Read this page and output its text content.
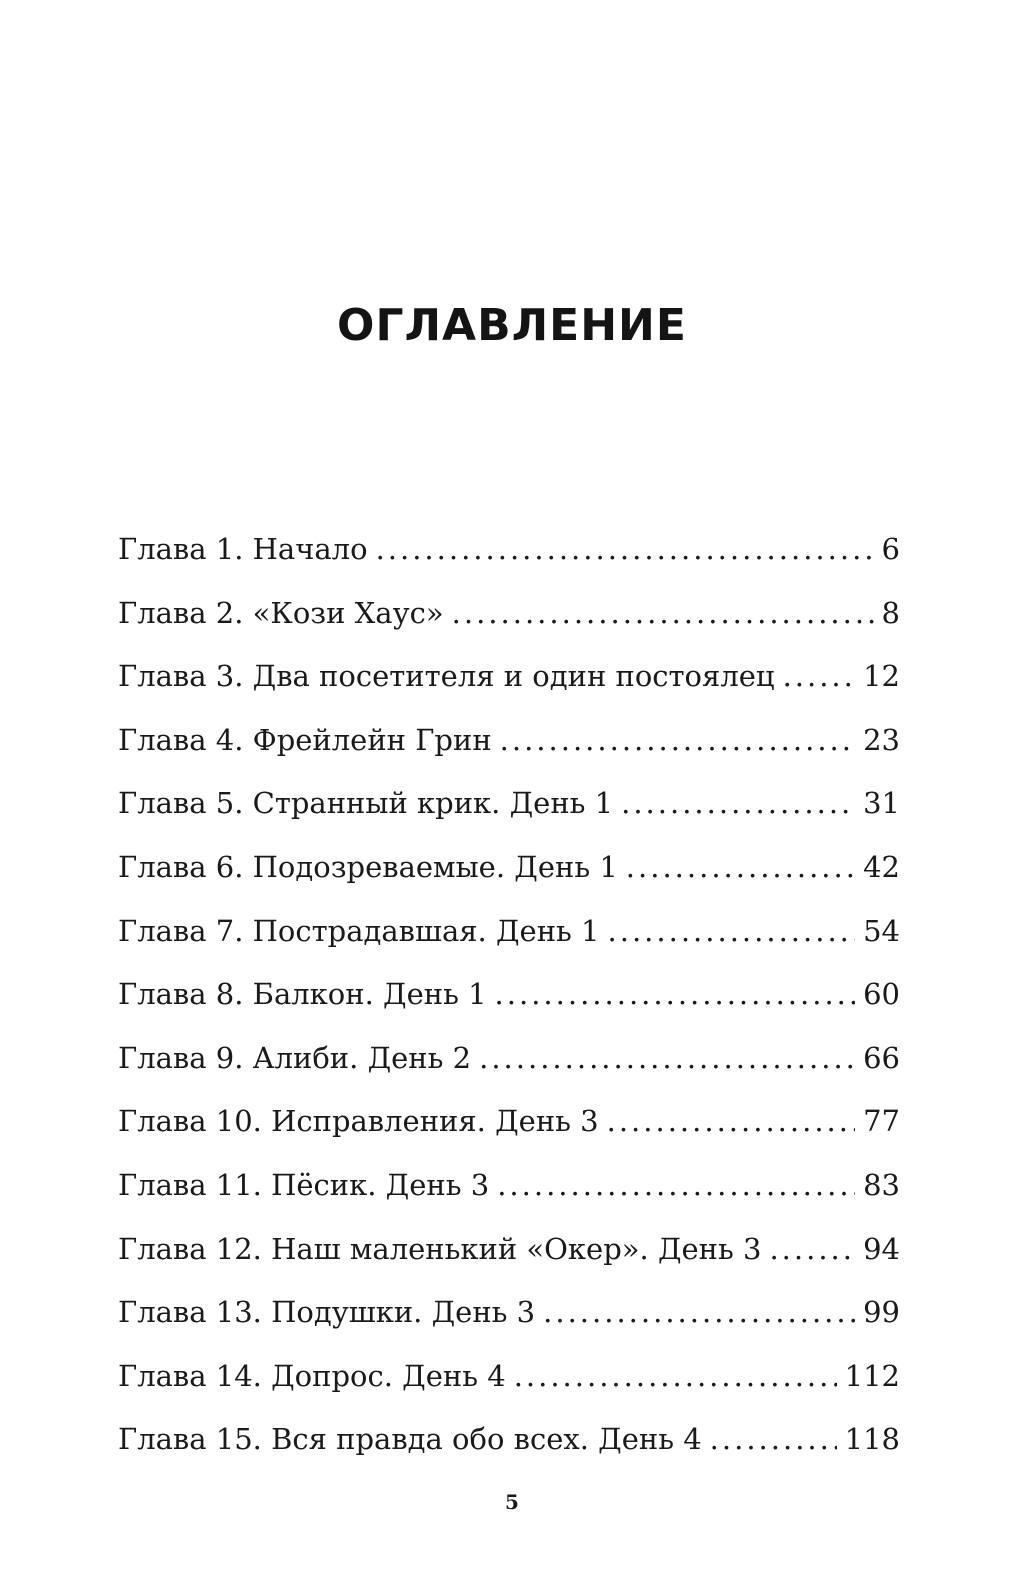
ОГЛАВЛЕНИЕ
Глава 1. Начало .....	6
Глава 2. «Кози Хаус» .....	8
Глава 3. Два посетителя и один постоялец .....	12
Глава 4. Фрейлейн Грин .....	23
Глава 5. Странный крик. День 1 .....	31
Глава 6. Подозреваемые. День 1 .....	42
Глава 7. Пострадавшая. День 1 .....	54
Глава 8. Балкон. День 1 .....	60
Глава 9. Алиби. День 2 .....	66
Глава 10. Исправления. День 3 .....	77
Глава 11. Пёсик. День 3 .....	83
Глава 12. Наш маленький «Окер». День 3 .....	94
Глава 13. Подушки. День 3 .....	99
Глава 14. Допрос. День 4 .....	112
Глава 15. Вся правда обо всех. День 4 .....	118
5
